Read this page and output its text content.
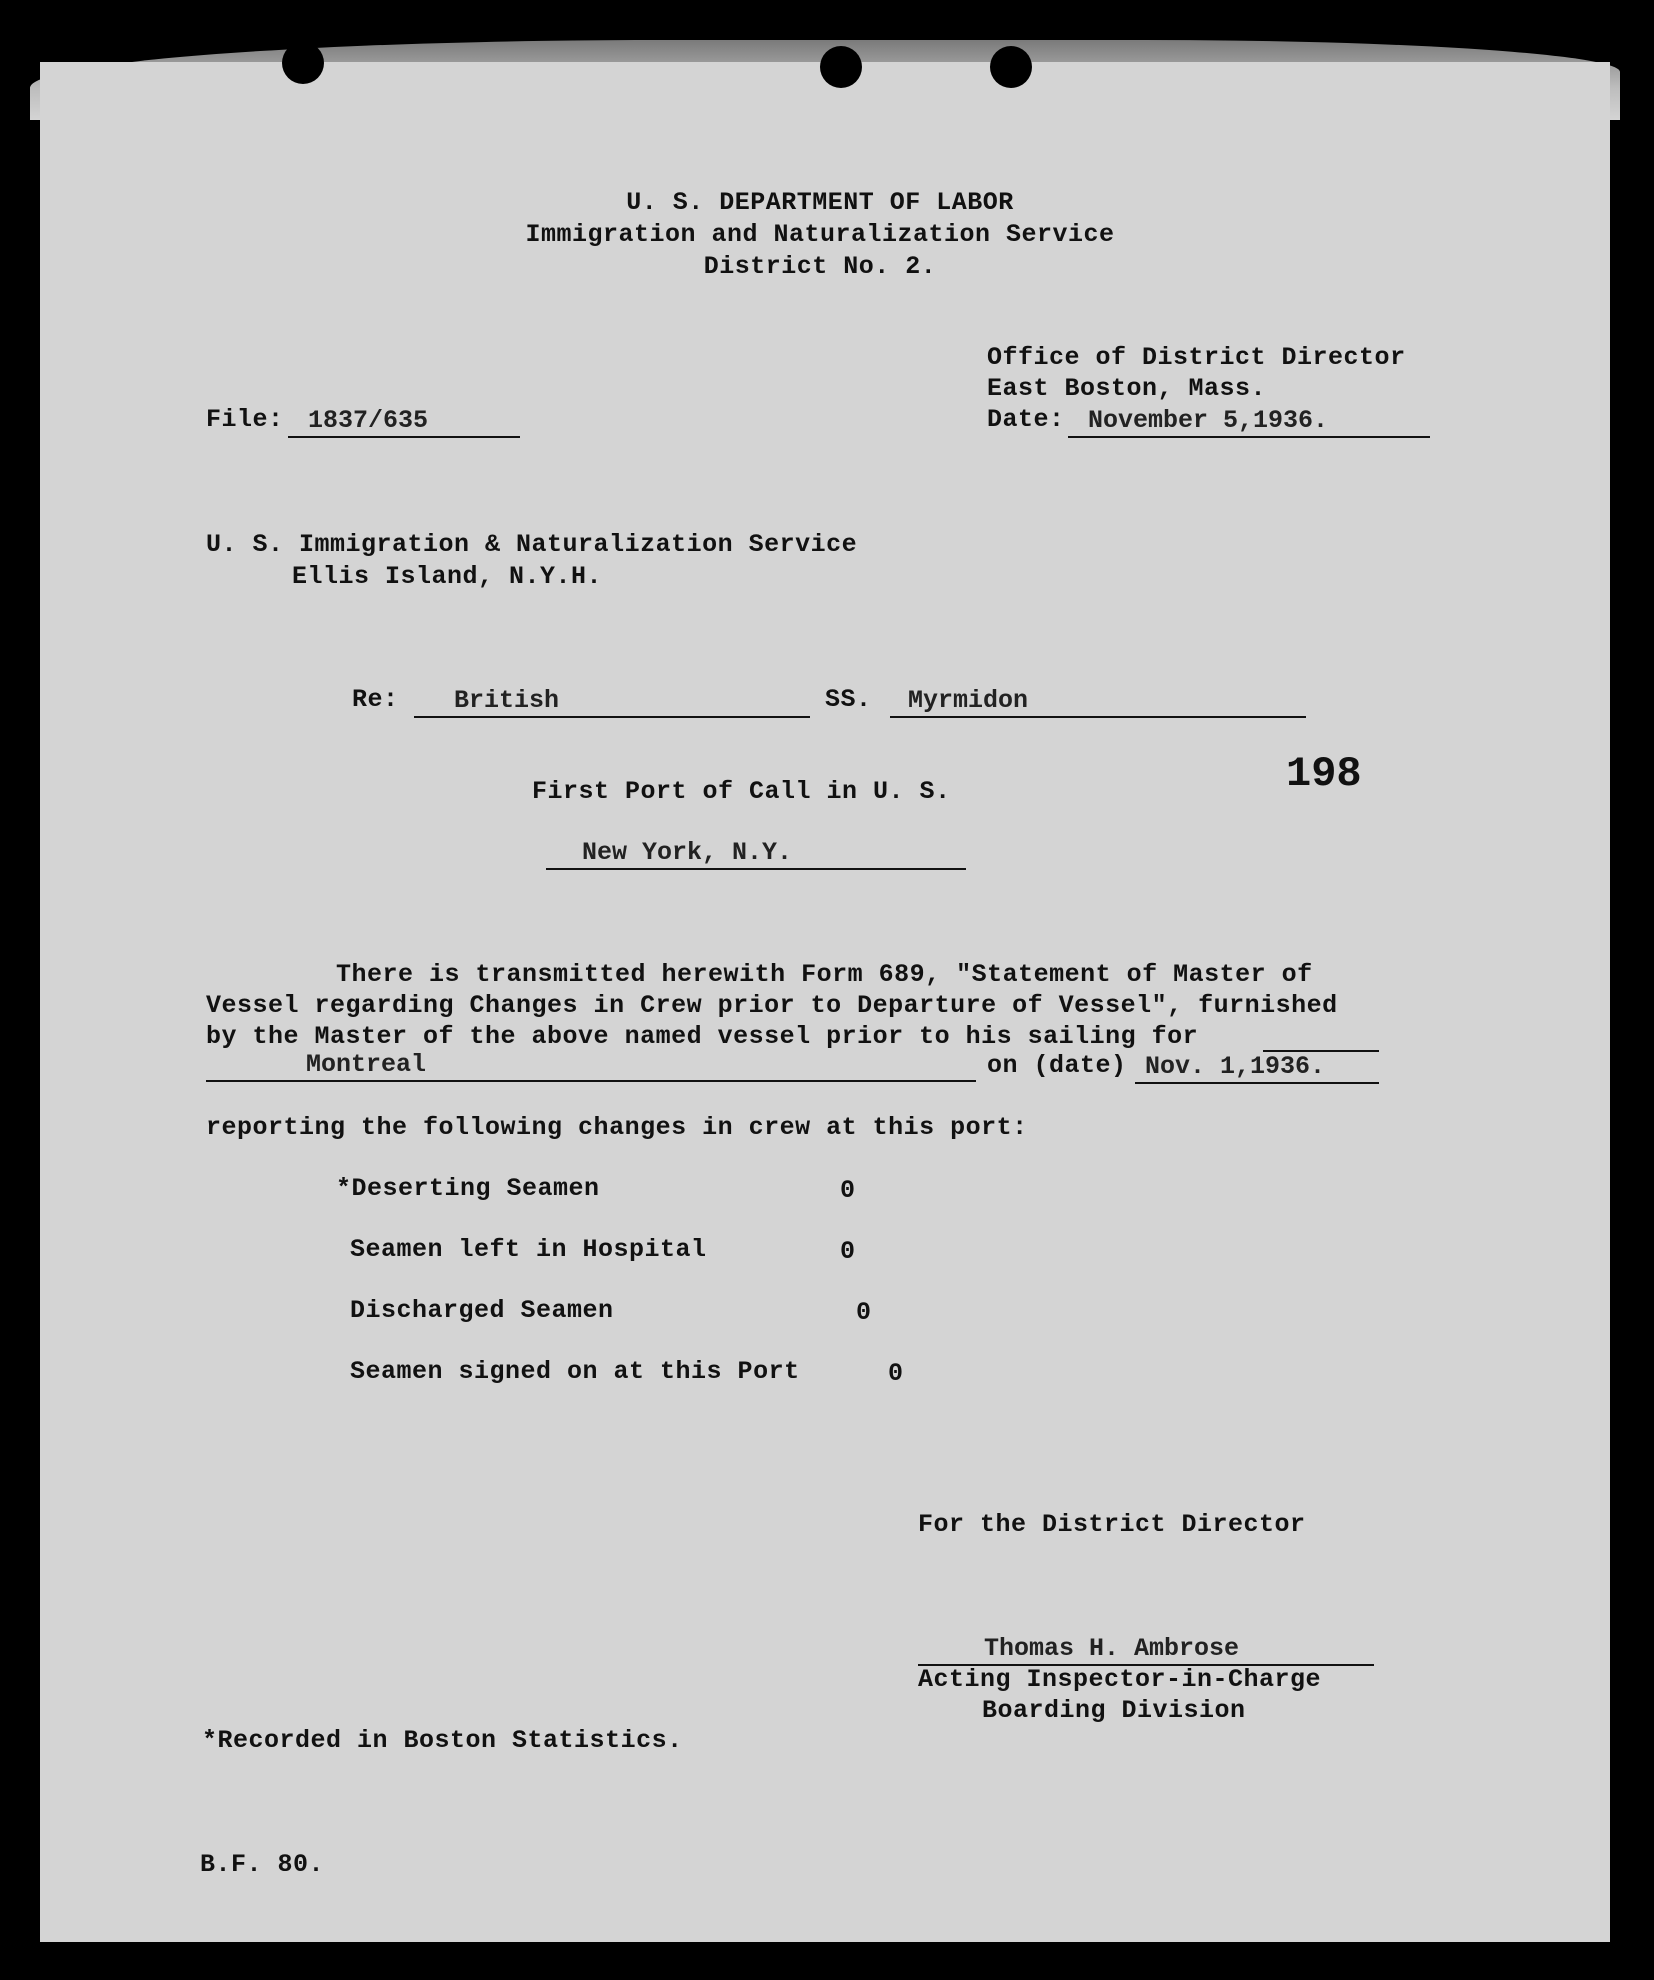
U. S. DEPARTMENT OF LABOR
Immigration and Naturalization Service
District No. 2.
Office of District Director
East Boston, Mass.
Date: November 5,1936.
File: 1837/635
U. S. Immigration & Naturalization Service
Ellis Island, N.Y.H.
Re:	British	SS.	Myrmidon
198
First Port of Call in U. S.
New York, N.Y.
There is transmitted herewith Form 689, "Statement of Master of
Vessel regarding Changes in Crew prior to Departure of Vessel", furnished
by the Master of the above named vessel prior to his sailing for
Montreal	on (date) Nov. 1,1936.
reporting the following changes in crew at this port:
*Deserting Seamen	0
Seamen left in Hospital	0
Discharged Seamen	0
Seamen signed on at this Port	0
For the District Director
Thomas H. Ambrose
Acting Inspector-in-Charge
Boarding Division
*Recorded in Boston Statistics.
B.F. 80.
